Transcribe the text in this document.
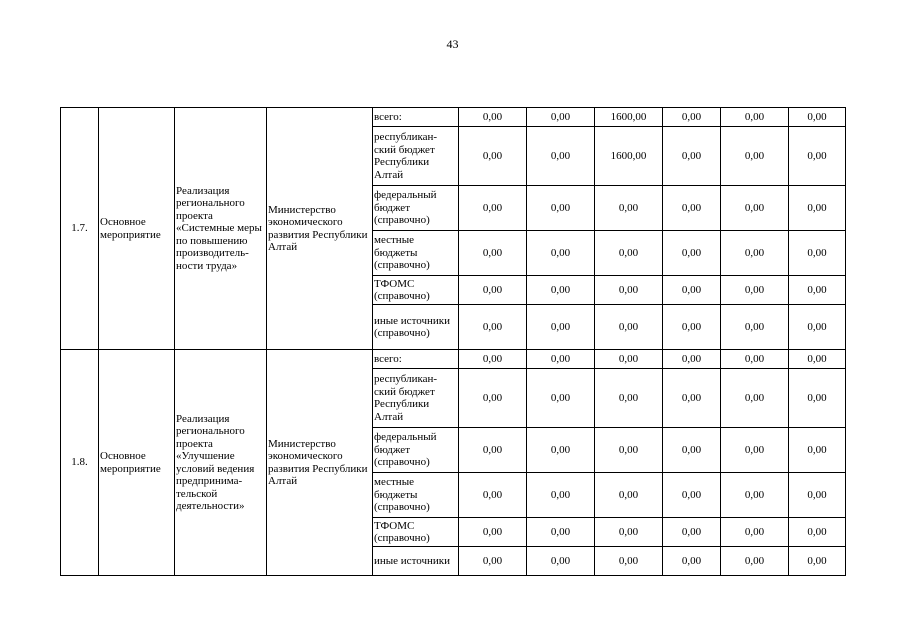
43
1.7.	Основное мероприятие	Реализация регионального проекта «Системные меры по повышению производитель-ности труда»	Министерство экономического развития Республики Алтай	всего:	0,00	0,00	1600,00	0,00	0,00	0,00
				республикан-ский бюджет Республики Алтай	0,00	0,00	1600,00	0,00	0,00	0,00
				федеральный бюджет (справочно)	0,00	0,00	0,00	0,00	0,00	0,00
				местные бюджеты (справочно)	0,00	0,00	0,00	0,00	0,00	0,00
				ТФОМС (справочно)	0,00	0,00	0,00	0,00	0,00	0,00
				иные источники (справочно)	0,00	0,00	0,00	0,00	0,00	0,00
1.8.	Основное мероприятие	Реализация регионального проекта «Улучшение условий ведения предпринима-тельской деятельности»	Министерство экономического развития Республики Алтай	всего:	0,00	0,00	0,00	0,00	0,00	0,00
				республикан-ский бюджет Республики Алтай	0,00	0,00	0,00	0,00	0,00	0,00
				федеральный бюджет (справочно)	0,00	0,00	0,00	0,00	0,00	0,00
				местные бюджеты (справочно)	0,00	0,00	0,00	0,00	0,00	0,00
				ТФОМС (справочно)	0,00	0,00	0,00	0,00	0,00	0,00
				иные источники	0,00	0,00	0,00	0,00	0,00	0,00
